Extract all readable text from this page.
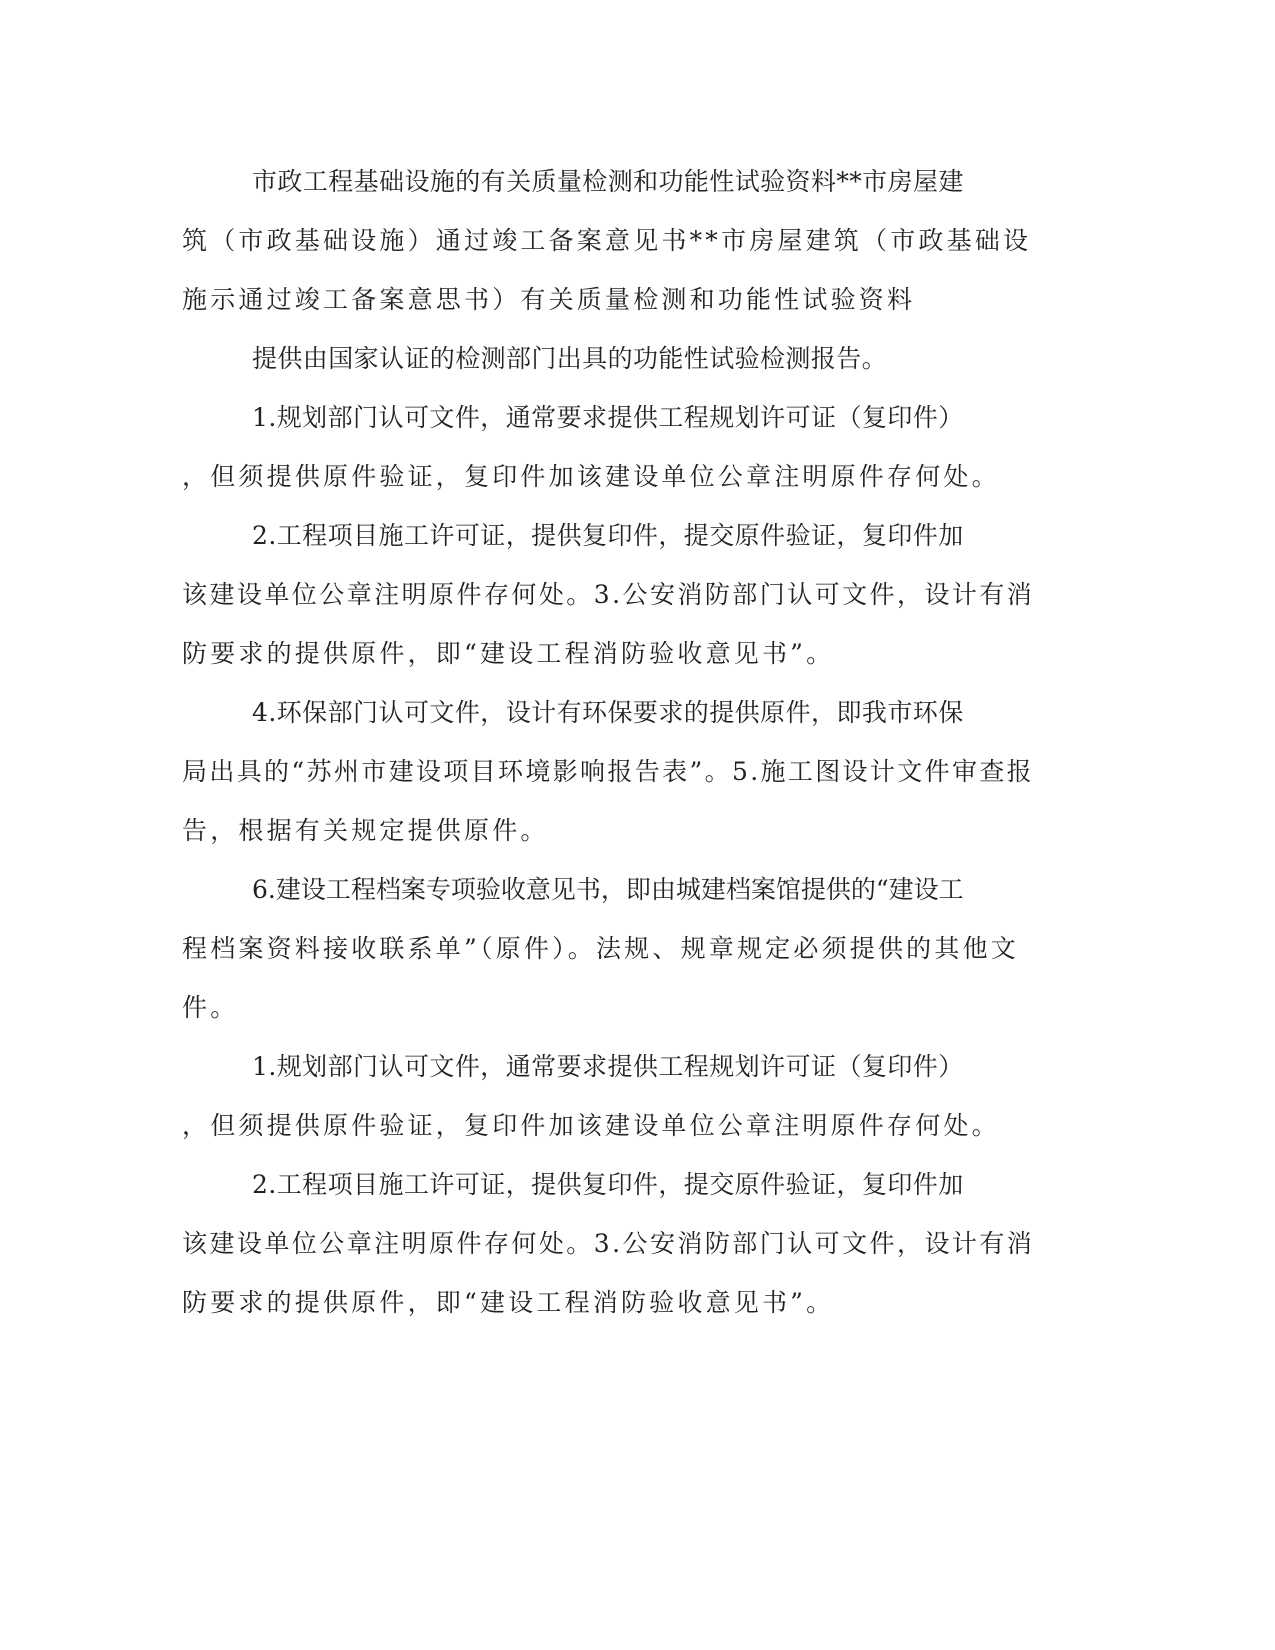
市政工程基础设施的有关质量检测和功能性试验资料**市房屋建
筑（市政基础设施）通过竣工备案意见书**市房屋建筑（市政基础设
施示通过竣工备案意思书）有关质量检测和功能性试验资料

提供由国家认证的检测部门出具的功能性试验检测报告。

1.规划部门认可文件，通常要求提供工程规划许可证（复印件）
，但须提供原件验证，复印件加该建设单位公章注明原件存何处。

2.工程项目施工许可证，提供复印件，提交原件验证，复印件加
该建设单位公章注明原件存何处。3.公安消防部门认可文件，设计有消
防要求的提供原件，即“建设工程消防验收意见书”。

4.环保部门认可文件，设计有环保要求的提供原件，即我市环保
局出具的“苏州市建设项目环境影响报告表”。5.施工图设计文件审查报
告，根据有关规定提供原件。

6.建设工程档案专项验收意见书，即由城建档案馆提供的“建设工
程档案资料接收联系单”（原件）。法规、规章规定必须提供的其他文
件。

1.规划部门认可文件，通常要求提供工程规划许可证（复印件）
，但须提供原件验证，复印件加该建设单位公章注明原件存何处。

2.工程项目施工许可证，提供复印件，提交原件验证，复印件加
该建设单位公章注明原件存何处。3.公安消防部门认可文件，设计有消
防要求的提供原件，即“建设工程消防验收意见书”。
